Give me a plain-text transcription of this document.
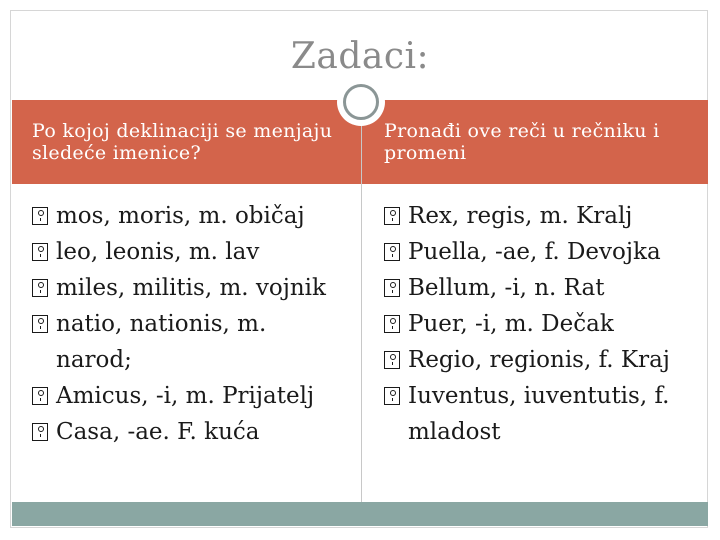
Zadaci:
Po kojoj deklinaciji se menjaju sledeće imenice?
Pronađi ove reči u rečniku i promeni
mos, moris, m. običaj
leo, leonis, m. lav
miles, militis, m. vojnik
natio, nationis, m.
narod;
Amicus, -i, m. Prijatelj
Casa, -ae. F. kuća
Rex, regis, m. Kralj
Puella, -ae, f. Devojka
Bellum, -i, n. Rat
Puer, -i, m. Dečak
Regio, regionis, f. Kraj
Iuventus, iuventutis, f.
mladost
